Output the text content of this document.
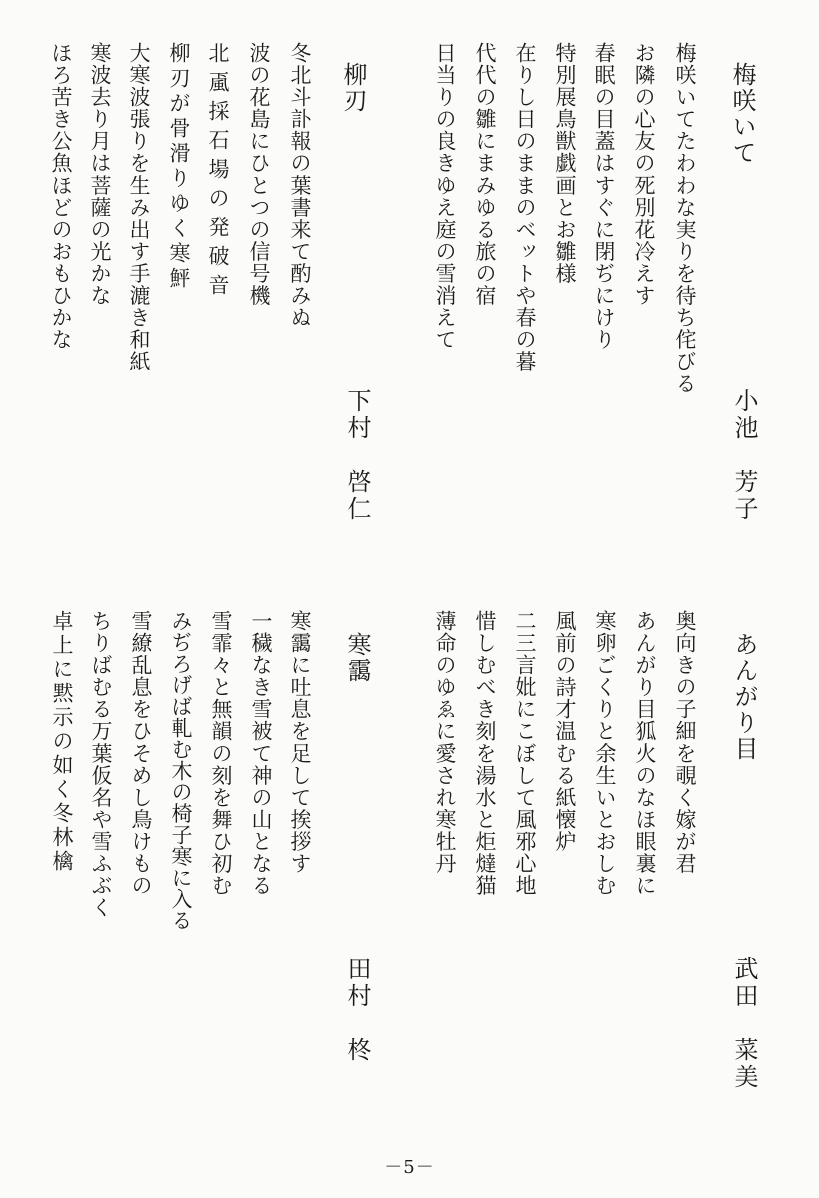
梅咲いて
小池　芳子
梅咲いてたわわな実りを待ち侘びる
お隣の心友の死別花冷えす
春眠の目蓋はすぐに閉ぢにけり
特別展鳥獣戯画とお雛様
在りし日のままのベットや春の暮
代代の雛にまみゆる旅の宿
日当りの良きゆえ庭の雪消えて
柳刃
下村　啓仁
冬北斗訃報の葉書来て酌みぬ
波の花島にひとつの信号機
北颪採石場の発破音
柳刃が骨滑りゆく寒鮃
大寒波張りを生み出す手漉き和紙
寒波去り月は菩薩の光かな
ほろ苦き公魚ほどのおもひかな
あんがり目
武田　菜美
奥向きの子細を覗く嫁が君
あんがり目狐火のなほ眼裏に
寒卵ごくりと余生いとおしむ
風前の詩才温むる紙懐炉
二三言妣にこぼして風邪心地
惜しむべき刻を湯水と炬燵猫
薄命のゆゑに愛され寒牡丹
寒靄
田村　柊
寒靄に吐息を足して挨拶す
一穢なき雪被て神の山となる
雪霏々と無韻の刻を舞ひ初む
みぢろげば軋む木の椅子寒に入る
雪繚乱息をひそめし鳥けもの
ちりばむる万葉仮名や雪ふぶく
卓上に黙示の如く冬林檎
－5－
